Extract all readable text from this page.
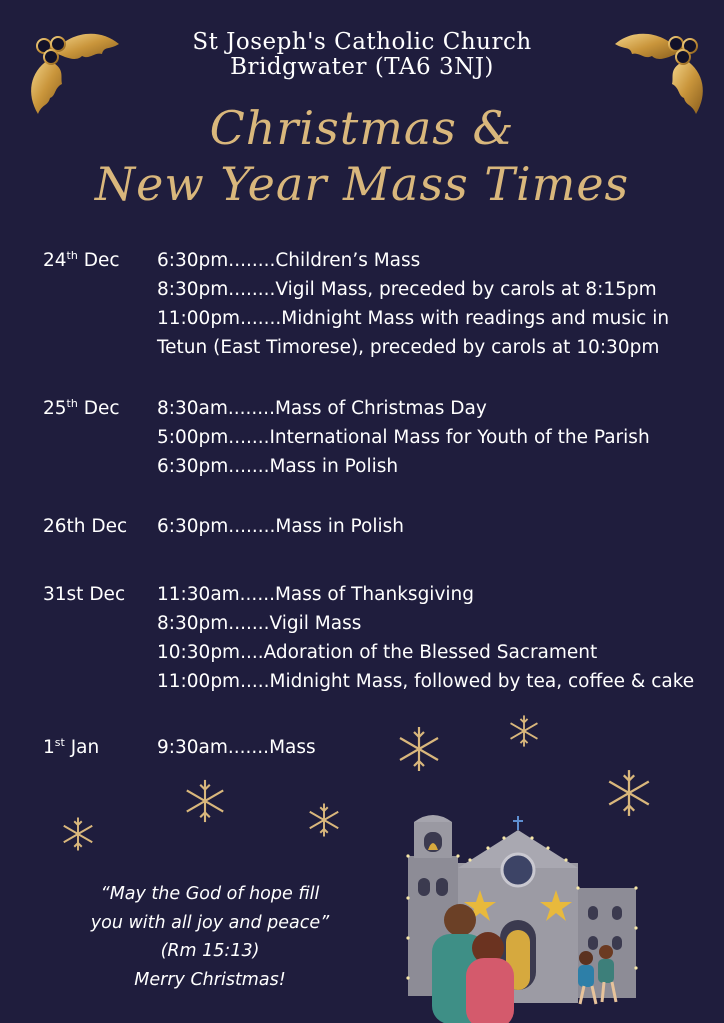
St Joseph's Catholic Church
Bridgwater (TA6 3NJ)
Christmas &
New Year Mass Times
24th Dec 6:30pm........Children’s Mass
8:30pm........Vigil Mass, preceded by carols at 8:15pm
11:00pm.......Midnight Mass with readings and music in
Tetun (East Timorese), preceded by carols at 10:30pm
25th Dec 8:30am........Mass of Christmas Day
5:00pm.......International Mass for Youth of the Parish
6:30pm.......Mass in Polish
26th Dec 6:30pm........Mass in Polish
31st Dec 11:30am......Mass of Thanksgiving
8:30pm.......Vigil Mass
10:30pm....Adoration of the Blessed Sacrament
11:00pm.....Midnight Mass, followed by tea, coffee & cake
1st Jan	9:30am.......Mass
“May the God of hope fill
you with all joy and peace”
(Rm 15:13)
Merry Christmas!
